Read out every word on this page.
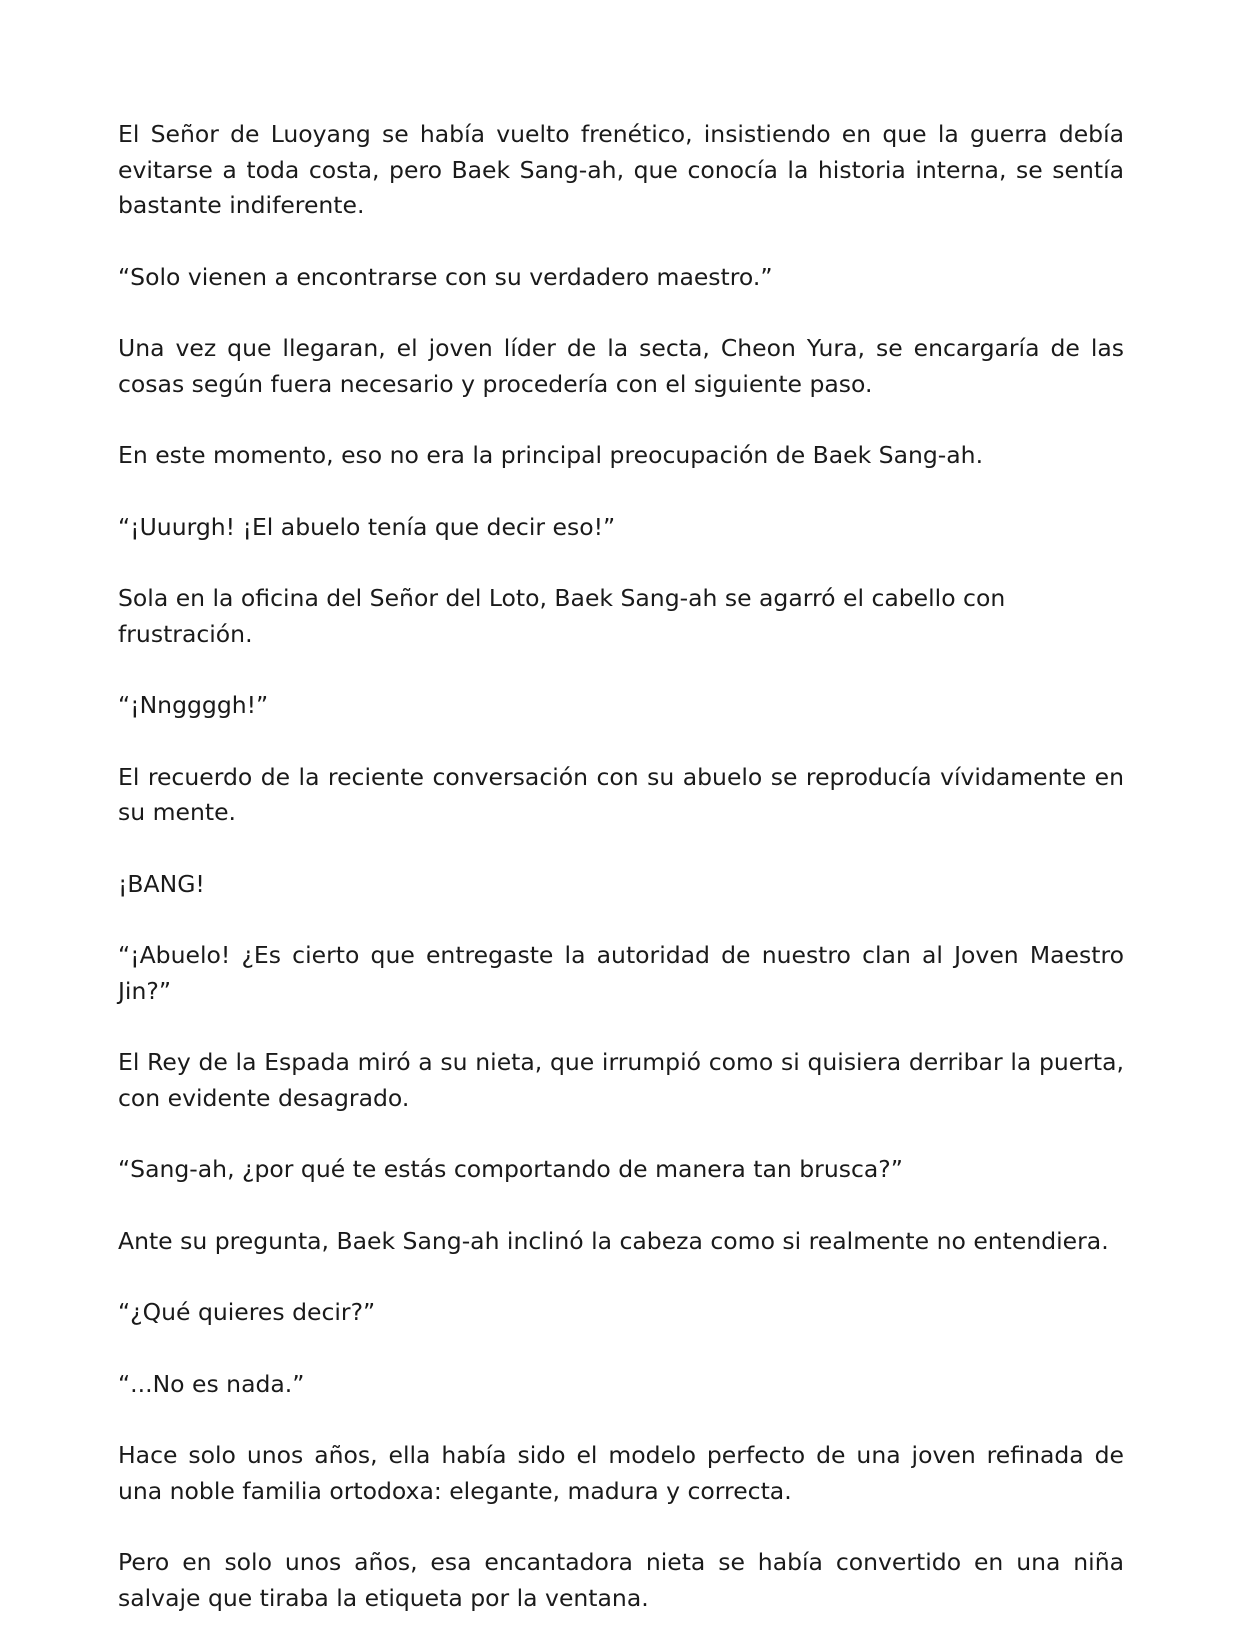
El Señor de Luoyang se había vuelto frenético, insistiendo en que la guerra debía evitarse a toda costa, pero Baek Sang-ah, que conocía la historia interna, se sentía bastante indiferente.

“Solo vienen a encontrarse con su verdadero maestro.”

Una vez que llegaran, el joven líder de la secta, Cheon Yura, se encargaría de las cosas según fuera necesario y procedería con el siguiente paso.

En este momento, eso no era la principal preocupación de Baek Sang-ah.

“¡Uuurgh! ¡El abuelo tenía que decir eso!”

Sola en la oficina del Señor del Loto, Baek Sang-ah se agarró el cabello con frustración.

“¡Nnggggh!”

El recuerdo de la reciente conversación con su abuelo se reproducía vívidamente en su mente.

¡BANG!

“¡Abuelo! ¿Es cierto que entregaste la autoridad de nuestro clan al Joven Maestro Jin?”

El Rey de la Espada miró a su nieta, que irrumpió como si quisiera derribar la puerta, con evidente desagrado.

“Sang-ah, ¿por qué te estás comportando de manera tan brusca?”

Ante su pregunta, Baek Sang-ah inclinó la cabeza como si realmente no entendiera.

“¿Qué quieres decir?”

“...No es nada.”

Hace solo unos años, ella había sido el modelo perfecto de una joven refinada de una noble familia ortodoxa: elegante, madura y correcta.

Pero en solo unos años, esa encantadora nieta se había convertido en una niña salvaje que tiraba la etiqueta por la ventana.
